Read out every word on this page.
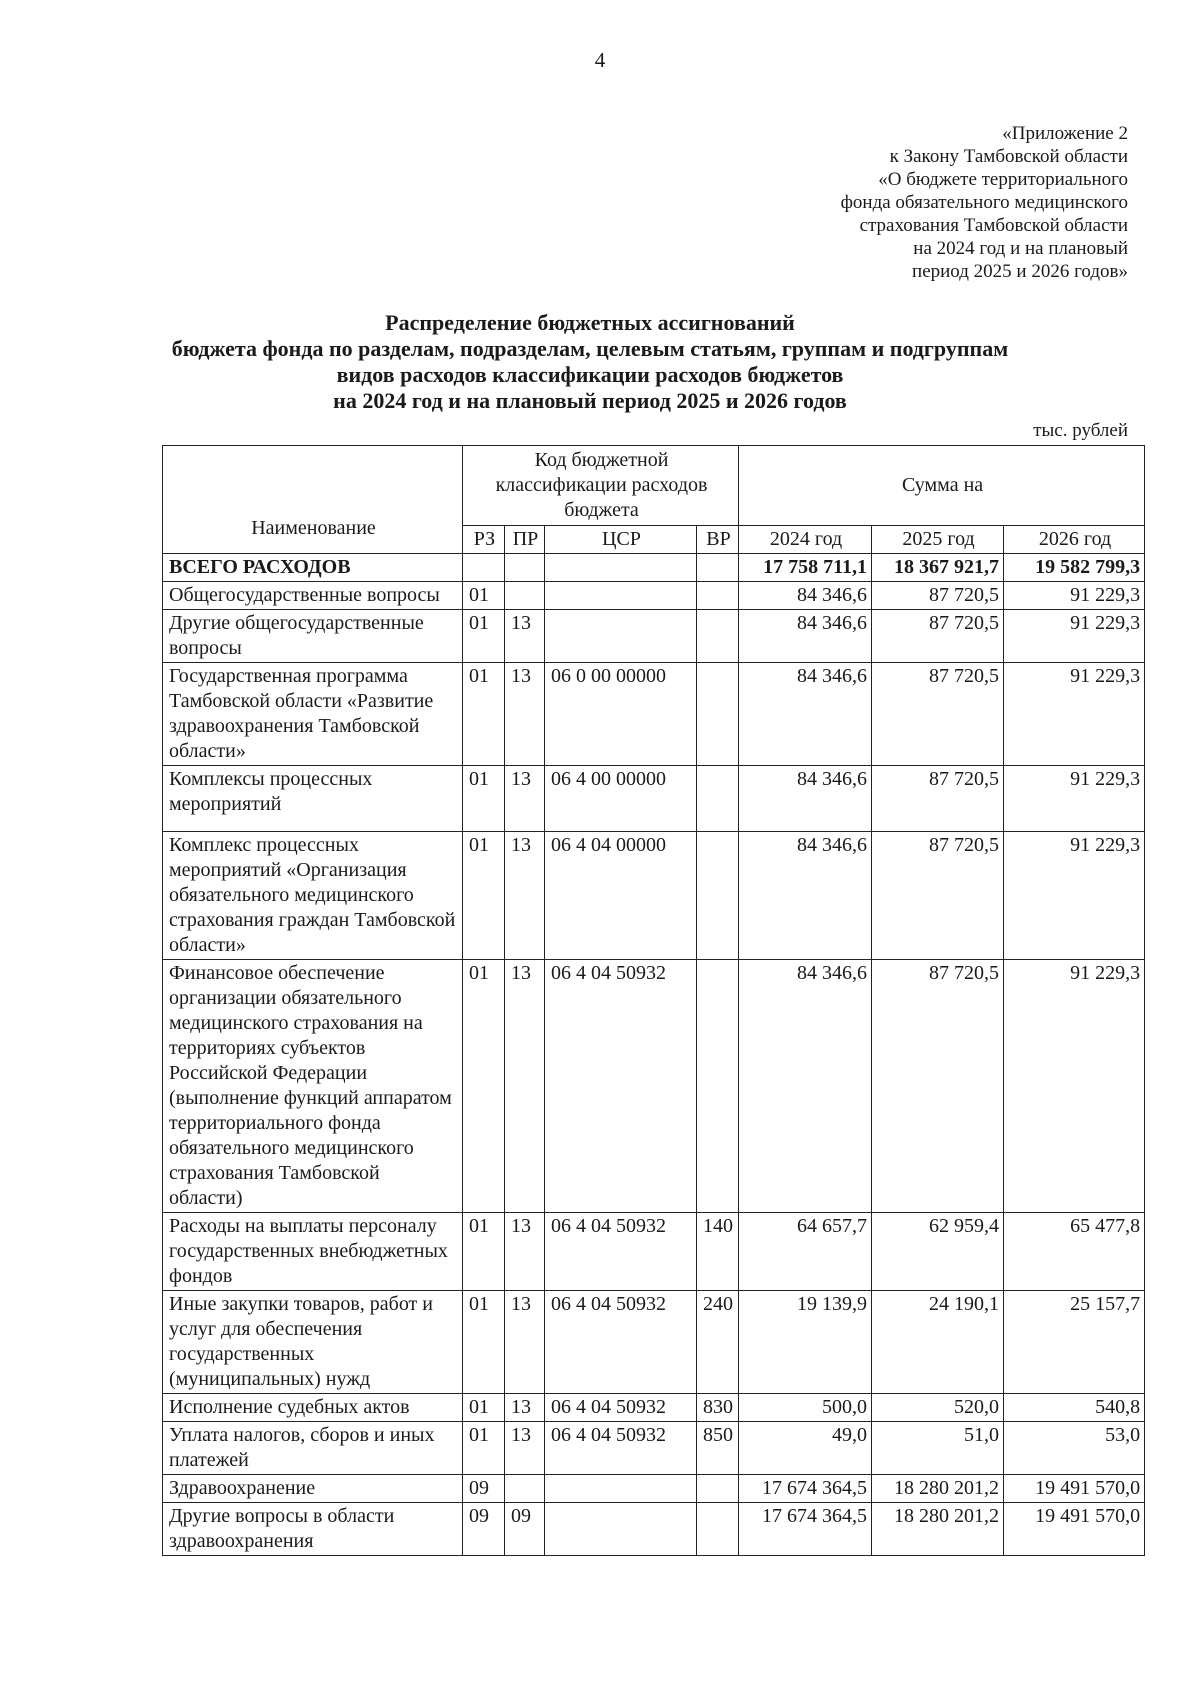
4
«Приложение 2
к Закону Тамбовской области
«О бюджете территориального
фонда обязательного медицинского
страхования Тамбовской области
на 2024 год и на плановый
период 2025 и 2026 годов»
Распределение бюджетных ассигнований
бюджета фонда по разделам, подразделам, целевым статьям, группам и подгруппам
видов расходов классификации расходов бюджетов
на 2024 год и на плановый период 2025 и 2026 годов
тыс. рублей
Наименование	Код бюджетной классификации расходов бюджета				Сумма на		
	РЗ	ПР	ЦСР	ВР	2024 год	2025 год	2026 год
ВСЕГО РАСХОДОВ					17 758 711,1	18 367 921,7	19 582 799,3
Общегосударственные вопросы	01				84 346,6	87 720,5	91 229,3
Другие общегосударственные вопросы	01	13			84 346,6	87 720,5	91 229,3
Государственная программа Тамбовской области «Развитие здравоохранения Тамбовской области»	01	13	06 0 00 00000		84 346,6	87 720,5	91 229,3
Комплексы процессных мероприятий	01	13	06 4 00 00000		84 346,6	87 720,5	91 229,3
Комплекс процессных мероприятий «Организация обязательного медицинского страхования граждан Тамбовской области»	01	13	06 4 04 00000		84 346,6	87 720,5	91 229,3
Финансовое обеспечение организации обязательного медицинского страхования на территориях субъектов Российской Федерации (выполнение функций аппаратом территориального фонда обязательного медицинского страхования Тамбовской области)	01	13	06 4 04 50932		84 346,6	87 720,5	91 229,3
Расходы на выплаты персоналу государственных внебюджетных фондов	01	13	06 4 04 50932	140	64 657,7	62 959,4	65 477,8
Иные закупки товаров, работ и услуг для обеспечения государственных (муниципальных) нужд	01	13	06 4 04 50932	240	19 139,9	24 190,1	25 157,7
Исполнение судебных актов	01	13	06 4 04 50932	830	500,0	520,0	540,8
Уплата налогов, сборов и иных платежей	01	13	06 4 04 50932	850	49,0	51,0	53,0
Здравоохранение	09				17 674 364,5	18 280 201,2	19 491 570,0
Другие вопросы в области здравоохранения	09	09			17 674 364,5	18 280 201,2	19 491 570,0
